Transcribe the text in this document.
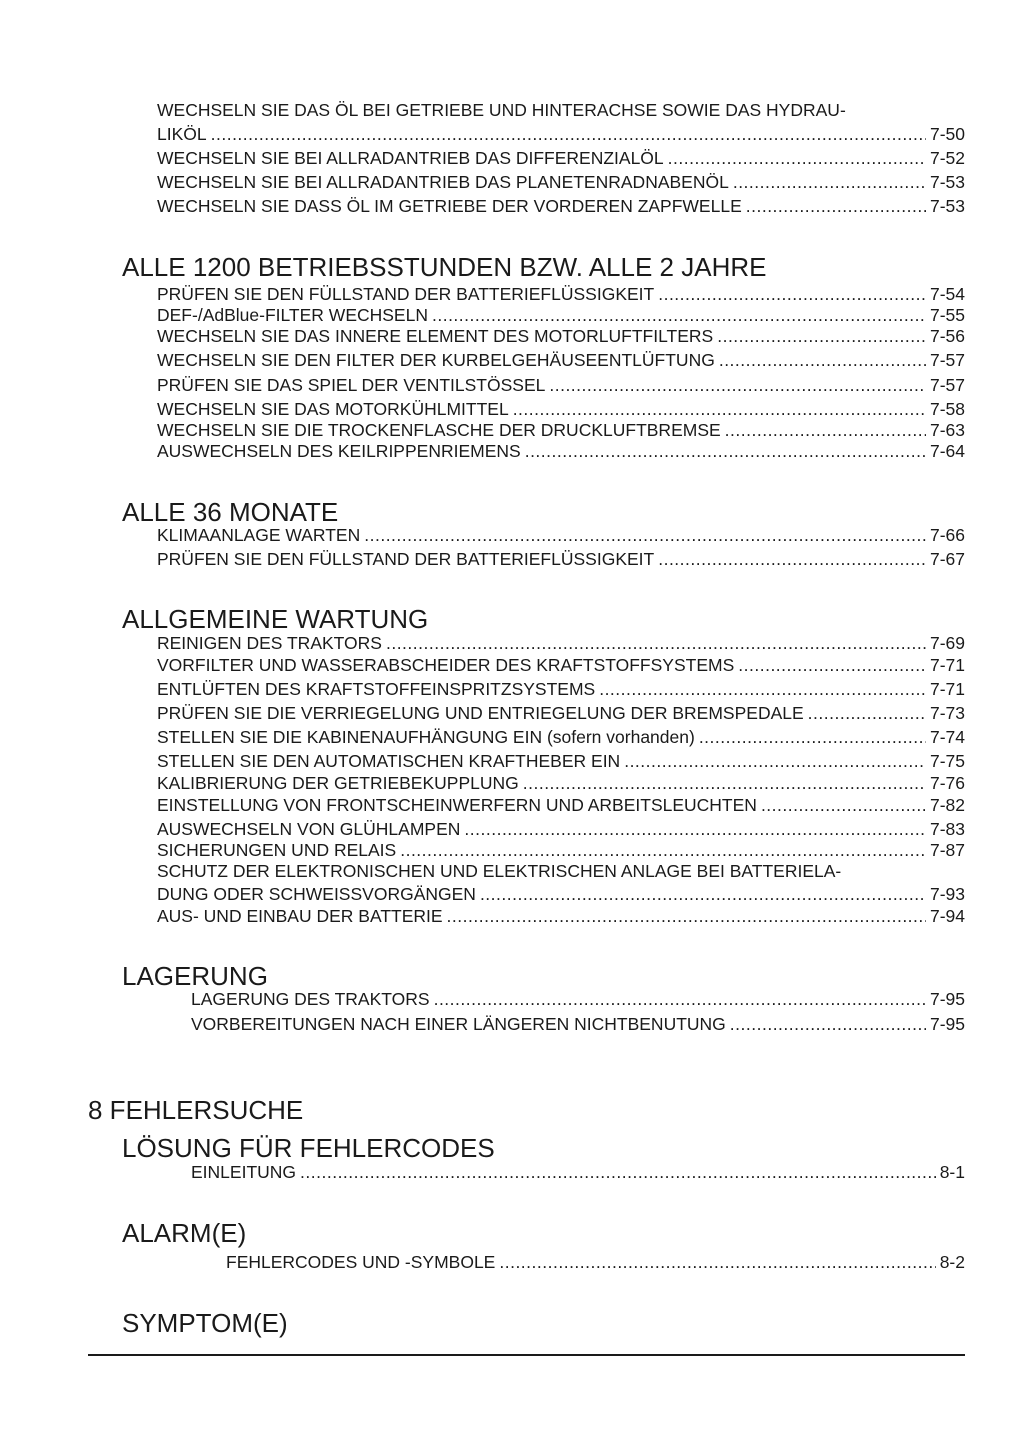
WECHSELN SIE DAS ÖL BEI GETRIEBE UND HINTERACHSE SOWIE DAS HYDRAU-
LIKÖL .....	7-50
WECHSELN SIE BEI ALLRADANTRIEB DAS DIFFERENZIALÖL .....	7-52
WECHSELN SIE BEI ALLRADANTRIEB DAS PLANETENRADNABENÖL .....	7-53
WECHSELN SIE DASS ÖL IM GETRIEBE DER VORDEREN ZAPFWELLE .....	7-53
ALLE 1200 BETRIEBSSTUNDEN BZW. ALLE 2 JAHRE
PRÜFEN SIE DEN FÜLLSTAND DER BATTERIEFLÜSSIGKEIT .....	7-54
DEF-/AdBlue-FILTER WECHSELN .....	7-55
WECHSELN SIE DAS INNERE ELEMENT DES MOTORLUFTFILTERS .....	7-56
WECHSELN SIE DEN FILTER DER KURBELGEHÄUSEENTLÜFTUNG .....	7-57
PRÜFEN SIE DAS SPIEL DER VENTILSTÖSSEL .....	7-57
WECHSELN SIE DAS MOTORKÜHLMITTEL .....	7-58
WECHSELN SIE DIE TROCKENFLASCHE DER DRUCKLUFTBREMSE .....	7-63
AUSWECHSELN DES KEILRIPPENRIEMENS .....	7-64
ALLE 36 MONATE
KLIMAANLAGE WARTEN .....	7-66
PRÜFEN SIE DEN FÜLLSTAND DER BATTERIEFLÜSSIGKEIT .....	7-67
ALLGEMEINE WARTUNG
REINIGEN DES TRAKTORS .....	7-69
VORFILTER UND WASSERABSCHEIDER DES KRAFTSTOFFSYSTEMS .....	7-71
ENTLÜFTEN DES KRAFTSTOFFEINSPRITZSYSTEMS .....	7-71
PRÜFEN SIE DIE VERRIEGELUNG UND ENTRIEGELUNG DER BREMSPEDALE .....	7-73
STELLEN SIE DIE KABINENAUFHÄNGUNG EIN (sofern vorhanden) .....	7-74
STELLEN SIE DEN AUTOMATISCHEN KRAFTHEBER EIN .....	7-75
KALIBRIERUNG DER GETRIEBEKUPPLUNG .....	7-76
EINSTELLUNG VON FRONTSCHEINWERFERN UND ARBEITSLEUCHTEN .....	7-82
AUSWECHSELN VON GLÜHLAMPEN .....	7-83
SICHERUNGEN UND RELAIS .....	7-87
SCHUTZ DER ELEKTRONISCHEN UND ELEKTRISCHEN ANLAGE BEI BATTERIELA-
DUNG ODER SCHWEISSVORGÄNGEN .....	7-93
AUS- UND EINBAU DER BATTERIE .....	7-94
LAGERUNG
LAGERUNG DES TRAKTORS .....	7-95
VORBEREITUNGEN NACH EINER LÄNGEREN NICHTBENUTUNG .....	7-95
8 FEHLERSUCHE
LÖSUNG FÜR FEHLERCODES
EINLEITUNG .....	8-1
ALARM(E)
FEHLERCODES UND -SYMBOLE .....	8-2
SYMPTOM(E)
